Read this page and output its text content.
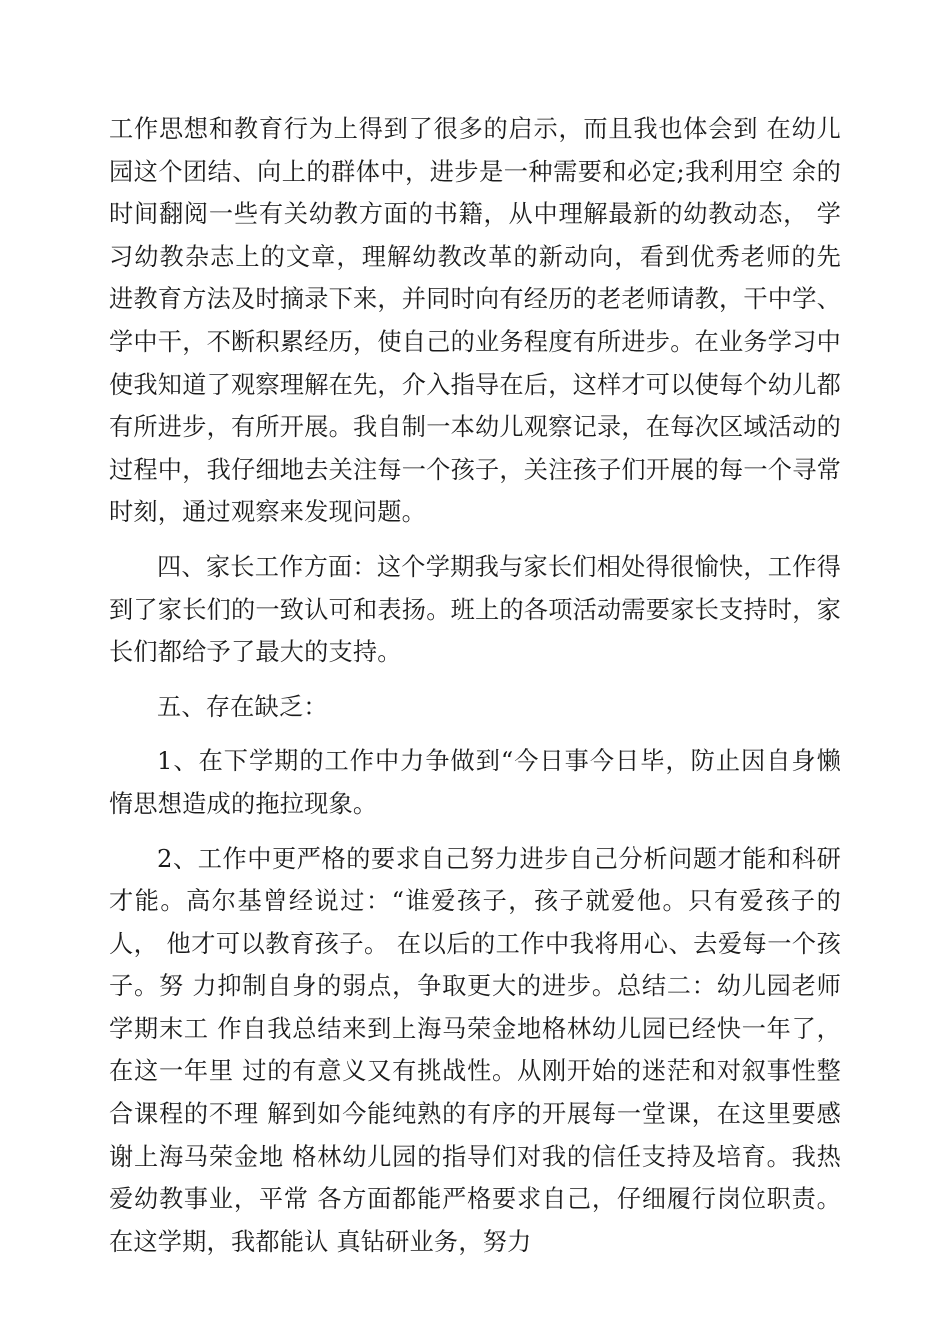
工作思想和教育行为上得到了很多的启示，而且我也体会到 在幼儿园这个团结、向上的群体中，进步是一种需要和必定;我利用空 余的时间翻阅一些有关幼教方面的书籍，从中理解最新的幼教动态， 学习幼教杂志上的文章，理解幼教改革的新动向，看到优秀老师的先 进教育方法及时摘录下来，并同时向有经历的老老师请教，干中学、 学中干，不断积累经历，使自己的业务程度有所进步。在业务学习中 使我知道了观察理解在先，介入指导在后，这样才可以使每个幼儿都 有所进步，有所开展。我自制一本幼儿观察记录，在每次区域活动的 过程中，我仔细地去关注每一个孩子，关注孩子们开展的每一个寻常 时刻，通过观察来发现问题。

四、家长工作方面：这个学期我与家长们相处得很愉快，工作得 到了家长们的一致认可和表扬。班上的各项活动需要家长支持时，家 长们都给予了最大的支持。

五、存在缺乏：

1、在下学期的工作中力争做到“今日事今日毕，防止因自身懒 惰思想造成的拖拉现象。

2、工作中更严格的要求自己努力进步自己分析问题才能和科研才能。高尔基曾经说过：“谁爱孩子，孩子就爱他。只有爱孩子的人， 他才可以教育孩子。 在以后的工作中我将用心、去爱每一个孩子。努 力抑制自身的弱点，争取更大的进步。总结二：幼儿园老师学期末工 作自我总结来到上海马荣金地格林幼儿园已经快一年了，在这一年里 过的有意义又有挑战性。从刚开始的迷茫和对叙事性整合课程的不理 解到如今能纯熟的有序的开展每一堂课，在这里要感谢上海马荣金地 格林幼儿园的指导们对我的信任支持及培育。我热爱幼教事业，平常 各方面都能严格要求自己，仔细履行岗位职责。在这学期，我都能认 真钻研业务，努力
